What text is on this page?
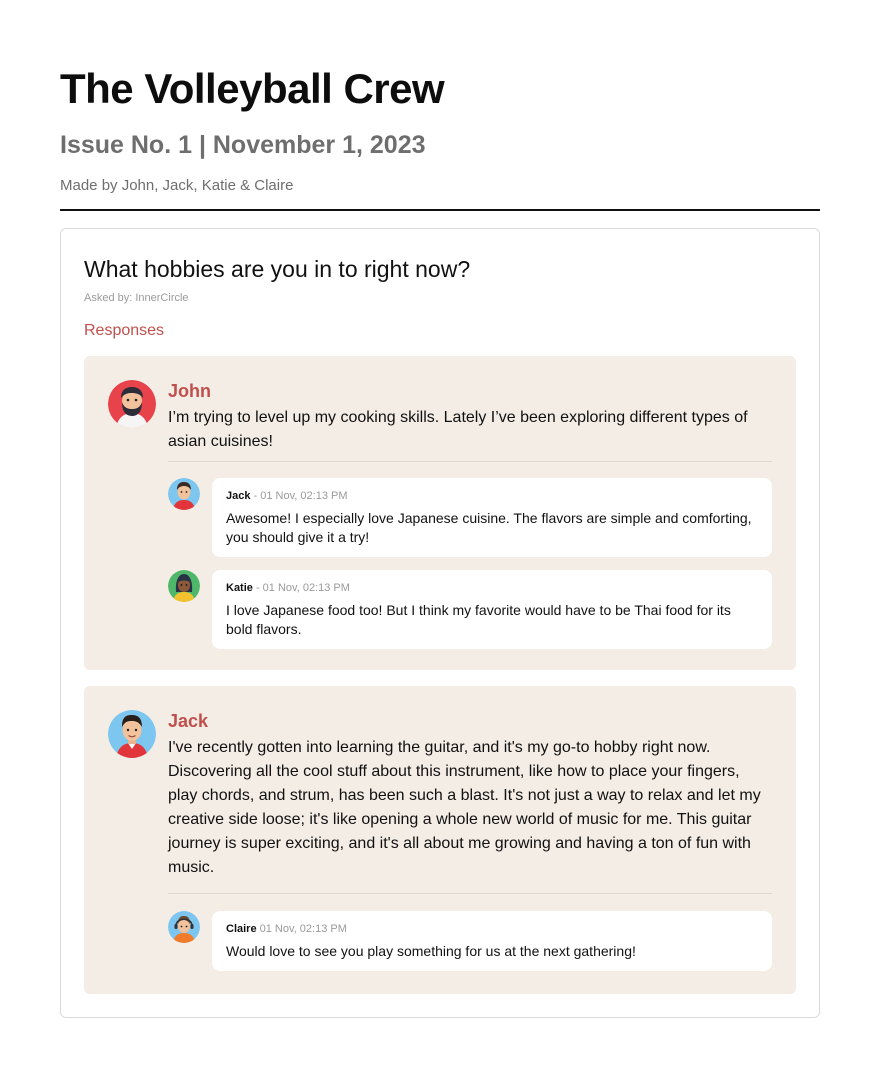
The Volleyball Crew
Issue No. 1 | November 1, 2023
Made by John, Jack, Katie & Claire
What hobbies are you in to right now?
Asked by: InnerCircle
Responses
John
I’m trying to level up my cooking skills. Lately I’ve been exploring different types of asian cuisines!
Jack - 01 Nov, 02:13 PM
Awesome! I especially love Japanese cuisine. The flavors are simple and comforting, you should give it a try!
Katie - 01 Nov, 02:13 PM
I love Japanese food too! But I think my favorite would have to be Thai food for its bold flavors.
Jack
I've recently gotten into learning the guitar, and it's my go-to hobby right now. Discovering all the cool stuff about this instrument, like how to place your fingers, play chords, and strum, has been such a blast. It's not just a way to relax and let my creative side loose; it's like opening a whole new world of music for me. This guitar journey is super exciting, and it's all about me growing and having a ton of fun with music.
Claire 01 Nov, 02:13 PM
Would love to see you play something for us at the next gathering!
